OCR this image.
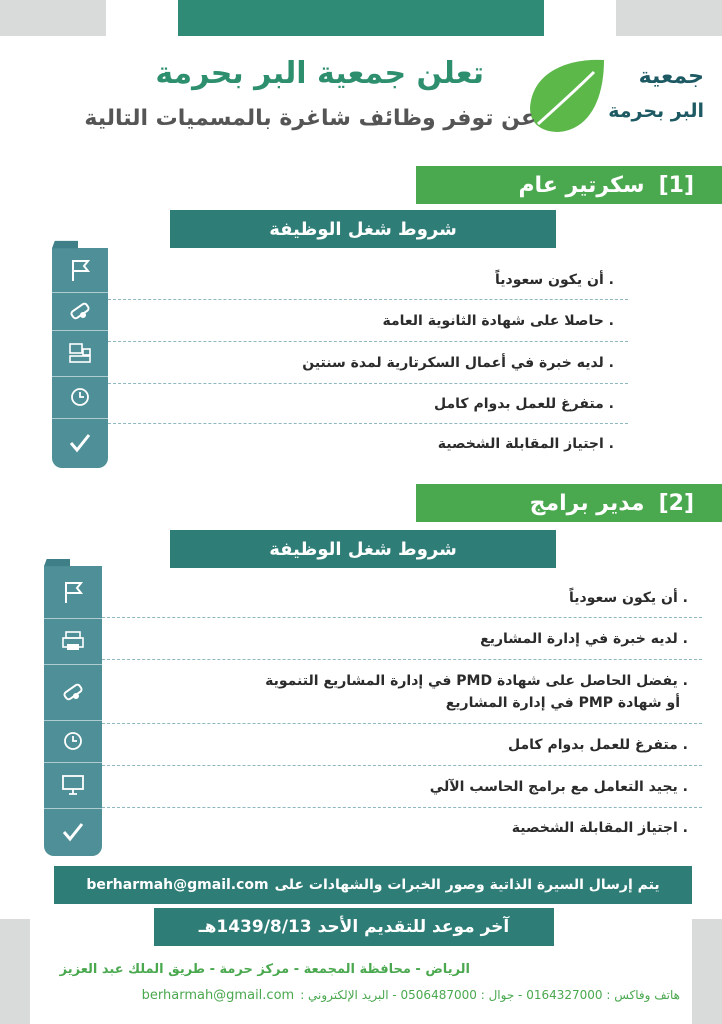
جمعية
البر بحرمة
تعلن جمعية البر بحرمة
عن توفر وظائف شاغرة بالمسميات التالية
[1]
سكرتير عام
شروط شغل الوظيفة
. أن يكون سعودياً
. حاصلا على شهادة الثانوية العامة
. لديه خبرة في أعمال السكرتارية لمدة سنتين
. متفرغ للعمل بدوام كامل
. اجتياز المقابلة الشخصية
[2]
مدير برامج
شروط شغل الوظيفة
. أن يكون سعودياً
. لديه خبرة في إدارة المشاريع
. يفضل الحاصل على شهادة PMD في إدارة المشاريع التنموية
أو شهادة PMP في إدارة المشاريع
. متفرغ للعمل بدوام كامل
. يجيد التعامل مع برامج الحاسب الآلي
. اجتياز المقابلة الشخصية
يتم إرسال السيرة الذاتية وصور الخبرات والشهادات على
berharmah@gmail.com
آخر موعد للتقديم الأحد
1439/8/13هـ
الرياض - محافظة المجمعة - مركز حرمة - طريق الملك عبد العزيز
هاتف وفاكس : 0164327000 - جوال : 0506487000 - البريد الإلكتروني :
berharmah@gmail.com
